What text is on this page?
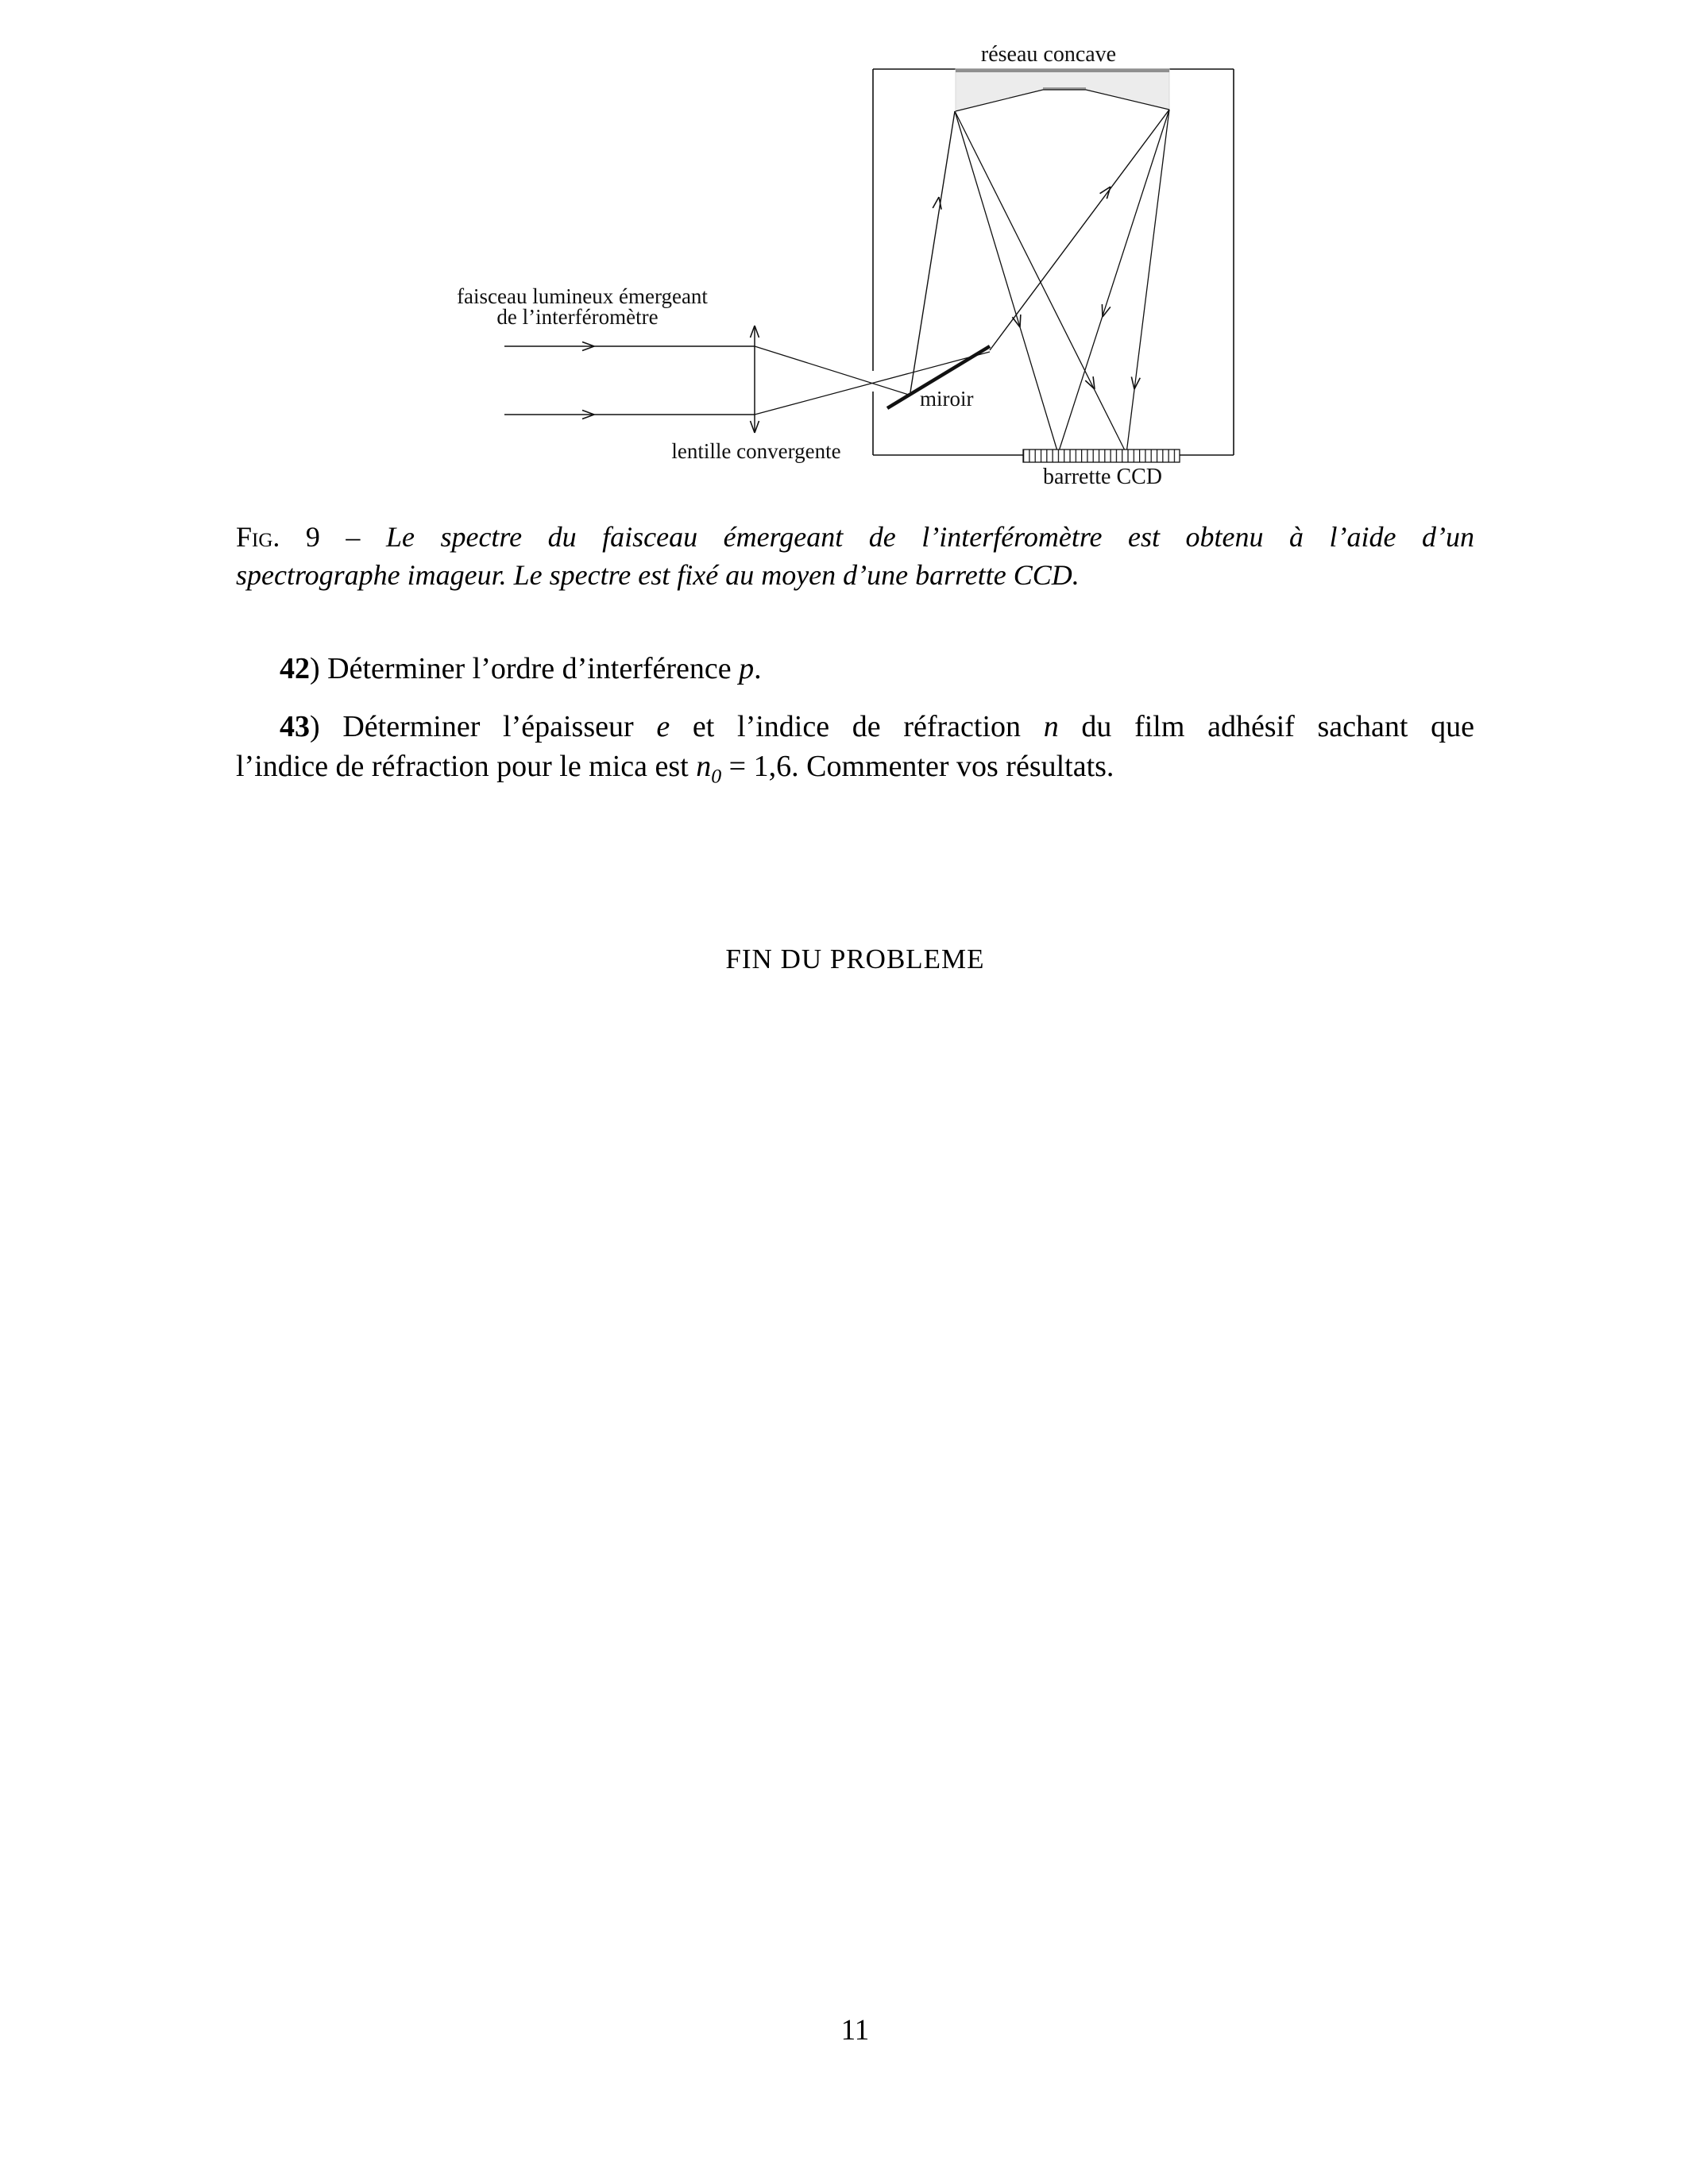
réseau concave
faisceau lumineux émergeant
de l’interféromètre
lentille convergente
miroir
barrette CCD
Fig. 9 – Le spectre du faisceau émergeant de l’interféromètre est obtenu à l’aide d’un
spectrographe imageur. Le spectre est fixé au moyen d’une barrette CCD.
42) Déterminer l’ordre d’interférence p.
43) Déterminer l’épaisseur e et l’indice de réfraction n du film adhésif sachant que
l’indice de réfraction pour le mica est $n_0 = 1,6$. Commenter vos résultats.
FIN DU PROBLEME
11
